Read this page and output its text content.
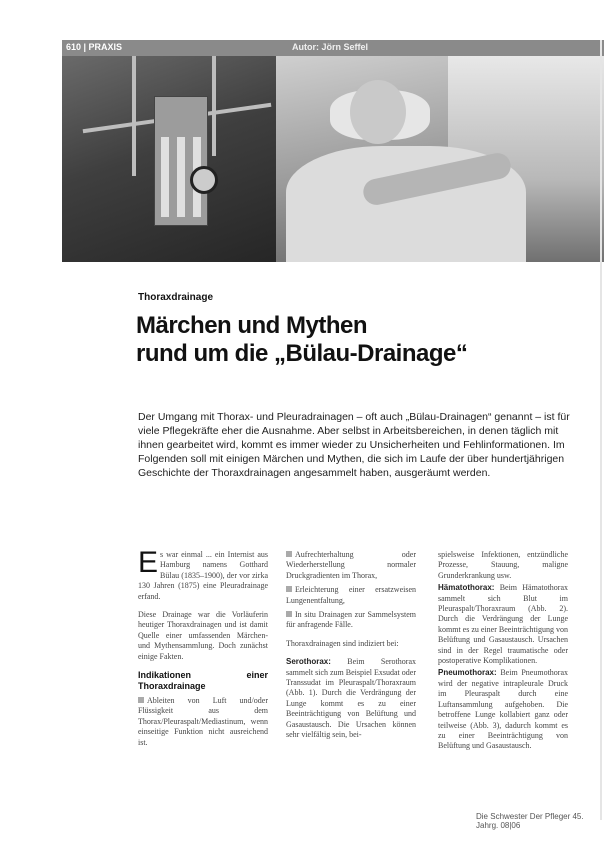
610 | PRAXIS	Autor: Jörn Seffel
Thoraxdrainage
Märchen und Mythen
rund um die „Bülau-Drainage“
Der Umgang mit Thorax- und Pleuradrainagen – oft auch „Bülau-Drainagen“ genannt – ist für viele Pflegekräfte eher die Ausnahme. Aber selbst in Arbeitsbereichen, in denen täglich mit ihnen gearbeitet wird, kommt es immer wieder zu Unsicherheiten und Fehlinformationen. Im Folgenden soll mit einigen Märchen und Mythen, die sich im Laufe der über hundertjährigen Geschichte der Thoraxdrainagen angesammelt haben, ausgeräumt werden.

E s war einmal ... ein Internist aus Hamburg namens Gotthard Bülau (1835–1900), der vor zirka 130 Jahren (1875) eine Pleuradrainage erfand.

Diese Drainage war die Vorläuferin heutiger Thoraxdrainagen und ist damit Quelle einer umfassenden Märchen- und Mythensammlung. Doch zunächst einige Fakten.

Indikationen einer Thoraxdrainage

Ableiten von Luft und/oder Flüssigkeit aus dem Thorax/Pleuraspalt/Mediastinum, wenn einseitige Funktion nicht ausreichend ist.

Aufrechterhaltung oder Wiederherstellung normaler Druckgradienten im Thorax,

Erleichterung einer ersatzweisen Lungenentfaltung,

In situ Drainagen zur Sammelsystem für anfragende Fälle.

Thoraxdrainagen sind indiziert bei:

Serothorax: Beim Serothorax sammelt sich zum Beispiel Exsudat oder Transsudat im Pleuraspalt/Thoraxraum (Abb. 1). Durch die Verdrängung der Lunge kommt es zu einer Beeinträchtigung von Belüftung und Gasaustausch. Die Ursachen können sehr vielfältig sein, bei-

spielsweise Infektionen, entzündliche Prozesse, Stauung, maligne Grunderkrankung usw.

Hämatothorax: Beim Hämatothorax sammelt sich Blut im Pleuraspalt/Thoraxraum (Abb. 2). Durch die Verdrängung der Lunge kommt es zu einer Beeinträchtigung von Belüftung und Gasaustausch. Ursachen sind in der Regel traumatische oder postoperative Komplikationen.

Pneumothorax: Beim Pneumothorax wird der negative intrapleurale Druck im Pleuraspalt durch eine Luftansammlung aufgehoben. Die betroffene Lunge kollabiert ganz oder teilweise (Abb. 3), dadurch kommt es zu einer Beeinträchtigung von Belüftung und Gasaustausch.

Die Schwester Der Pfleger 45. Jahrg. 08|06
